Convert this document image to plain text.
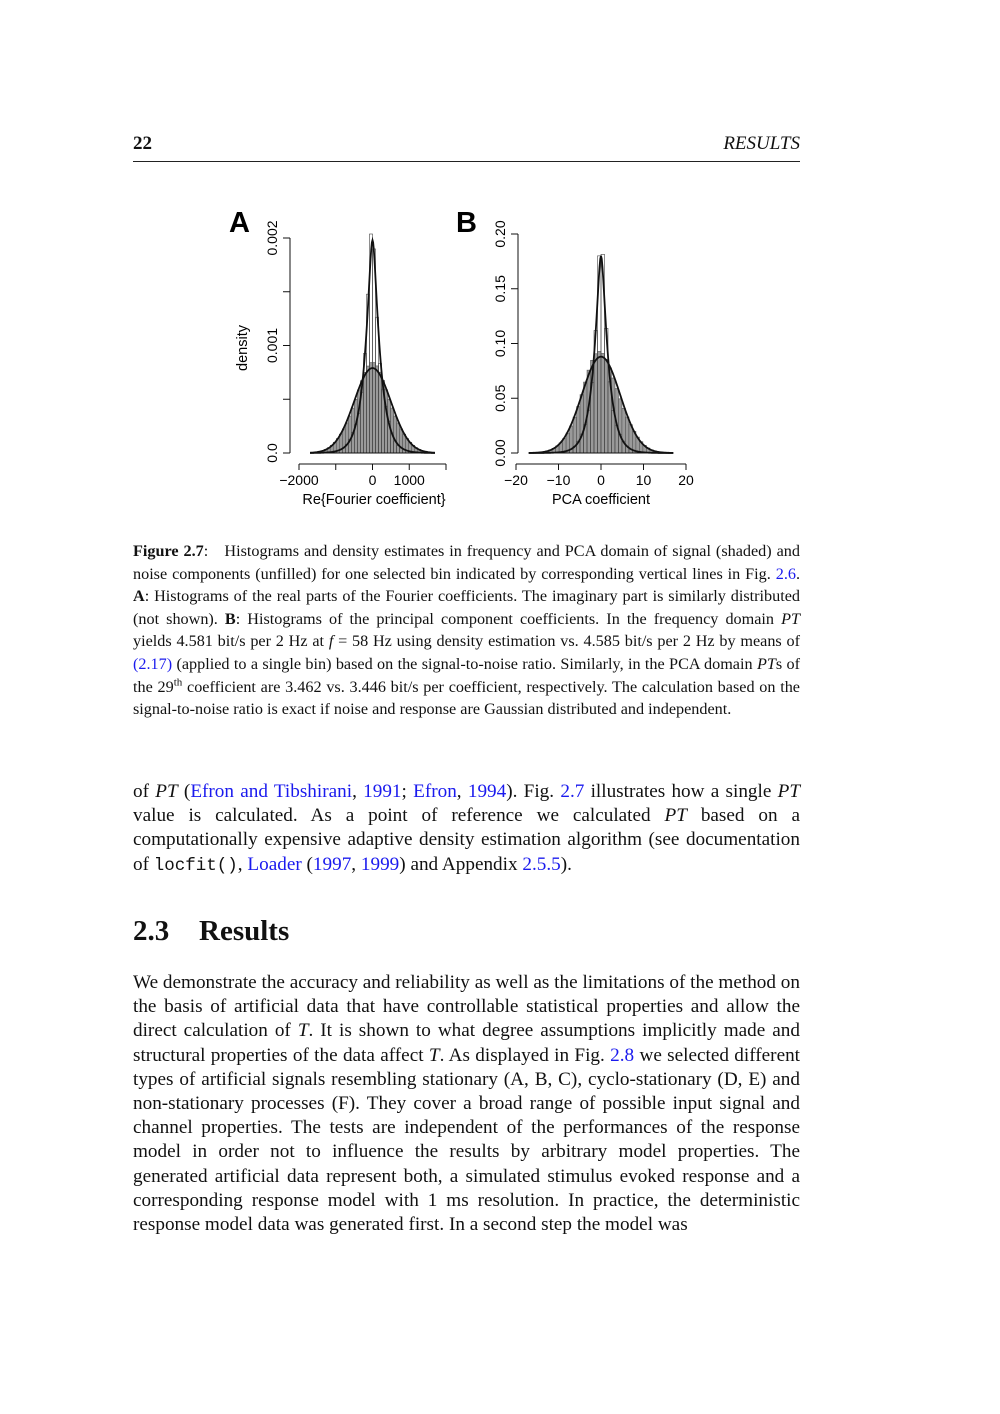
22	RESULTS
A
0.0
0.001
0.002
−2000	0 1000
Re{Fourier coefficient}
density
B
0.00
0.05
0.10
0.15
0.20
−20 −10 0 10 20
PCA coefficient
Figure 2.7: Histograms and density estimates in frequency and PCA domain of signal (shaded) and noise components (unfilled) for one selected bin indicated by corresponding vertical lines in Fig. 2.6. A: Histograms of the real parts of the Fourier coefficients. The imaginary part is similarly distributed (not shown). B: Histograms of the principal component coefficients. In the frequency domain PT yields 4.581 bit/s per 2 Hz at f = 58 Hz using density estimation vs. 4.585 bit/s per 2 Hz by means of (2.17) (applied to a single bin) based on the signal-to-noise ratio. Similarly, in the PCA domain PTs of the 29th coefficient are 3.462 vs. 3.446 bit/s per coefficient, respectively. The calculation based on the signal-to-noise ratio is exact if noise and response are Gaussian distributed and independent.

of PT (Efron and Tibshirani, 1991; Efron, 1994). Fig. 2.7 illustrates how a single PT value is calculated. As a point of reference we calculated PT based on a computationally expensive adaptive density estimation algorithm (see documentation of locfit(), Loader (1997, 1999) and Appendix 2.5.5).

2.3 Results

We demonstrate the accuracy and reliability as well as the limitations of the method on the basis of artificial data that have controllable statistical properties and allow the direct calculation of T. It is shown to what degree assumptions implicitly made and structural properties of the data affect T. As displayed in Fig. 2.8 we selected different types of artificial signals resembling stationary (A, B, C), cyclo-stationary (D, E) and non-stationary processes (F). They cover a broad range of possible input signal and channel properties. The tests are independent of the performances of the response model in order not to influence the results by arbitrary model properties. The generated artificial data represent both, a simulated stimulus evoked response and a corresponding response model with 1 ms resolution. In practice, the deterministic response model data was generated first. In a second step the model was
